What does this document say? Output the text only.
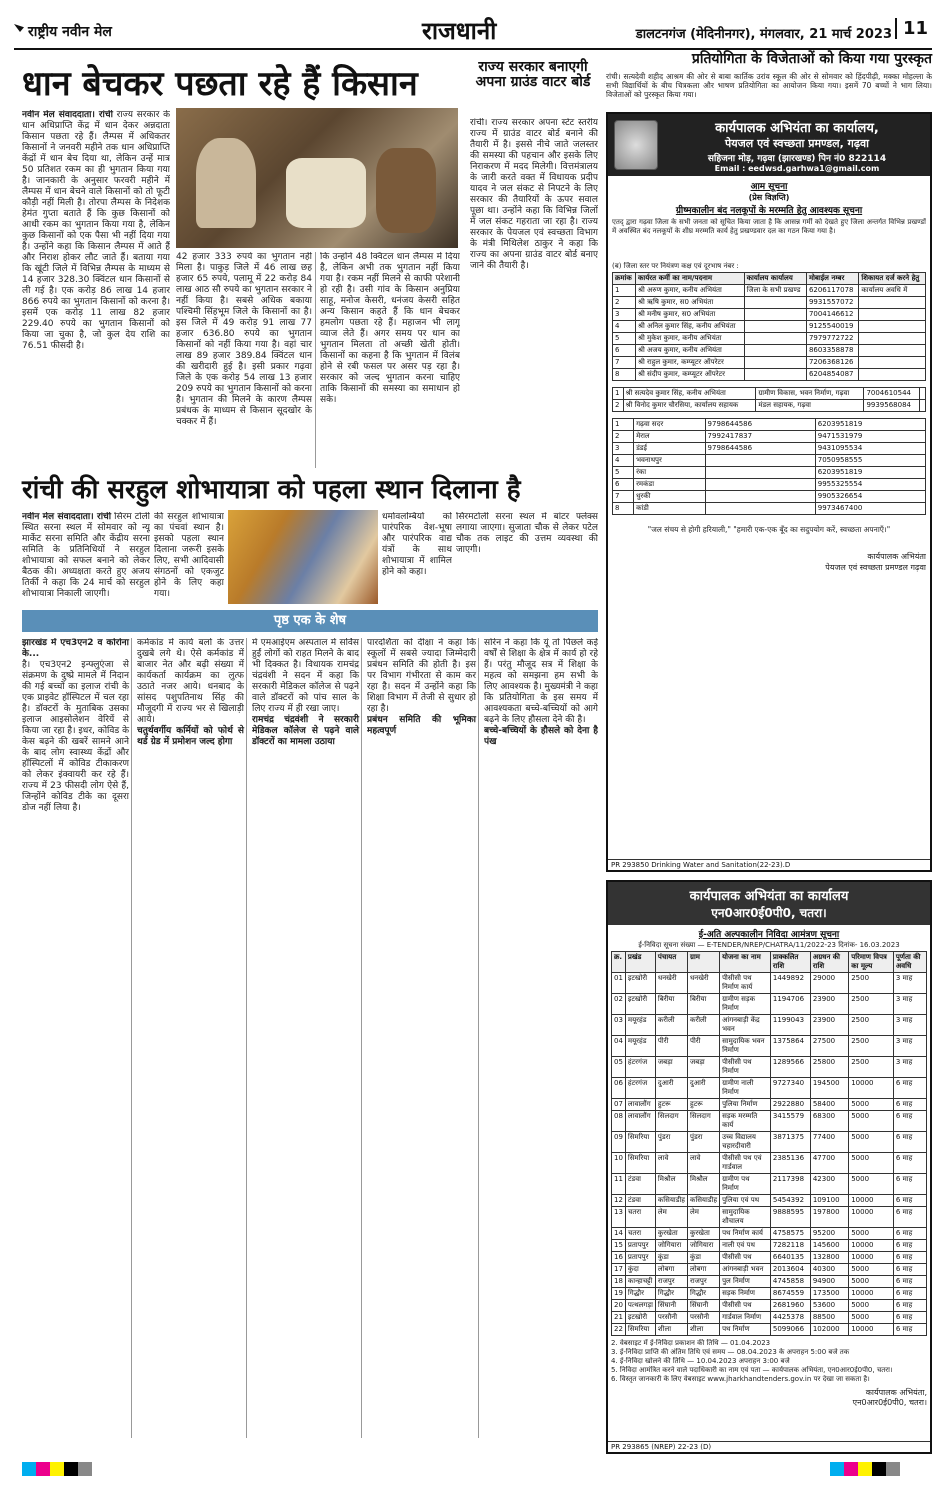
राष्ट्रीय नवीन मेल	राजधानी	डालटनगंज (मेदिनीनगर), मंगलवार, 21 मार्च 2023 11
धान बेचकर पछता रहे हैं किसान
नवीन मेल संवाददाता। रांची राज्य सरकार के धान अधिप्राप्ति केंद्र में धान देकर अन्नदाता किसान पछता रहे हैं। लैम्पस में अधिकतर किसानों ने जनवरी महीने तक धान अधिप्राप्ति केंद्रों में धान बेच दिया था, लेकिन उन्हें मात्र 50 प्रतिशत रकम का ही भुगतान किया गया है। जानकारी के अनुसार फरवरी महीने में लैम्पस में धान बेचने वाले किसानों को तो फूटी कौड़ी नहीं मिली है। तोरपा लैम्पस के निदेशक हेमंत गुप्ता बताते हैं कि कुछ किसानों को आधी रकम का भुगतान किया गया है, लेकिन कुछ किसानों को एक पैसा भी नहीं दिया गया है। उन्होंने कहा कि किसान लैम्पस में आते हैं और निराश होकर लौट जाते हैं। बताया गया कि खूंटी जिले में विभिन्न लैम्पस के माध्यम से 14 हजार 328.30 क्विंटल धान किसानों से ली गई है। एक करोड़ 86 लाख 14 हजार 866 रुपये का भुगतान किसानों को करना है। इसमें एक करोड़ 11 लाख 82 हजार 229.40 रुपये का भुगतान किसानों को किया जा चुका है, जो कुल देय राशि का 76.51 फीसदी है।
42 हजार 333 रुपये का भुगतान नहीं मिला है। पाकुड़ जिले में 46 लाख छह हजार 65 रुपये, पलामू में 22 करोड़ 84 लाख आठ सौ रुपये का भुगतान सरकार ने नहीं किया है। सबसे अधिक बकाया पश्चिमी सिंहभूम जिले के किसानों का है। इस जिले में 49 करोड़ 91 लाख 77 हजार 636.80 रुपये का भुगतान किसानों को नहीं किया गया है। वहां चार लाख 89 हजार 389.84 क्विंटल धान की खरीदारी हुई है। इसी प्रकार गढ़वा जिले के एक करोड़ 54 लाख 13 हजार 209 रुपये का भुगतान किसानों को करना है। भुगतान की मिलने के कारण लैम्पस प्रबंधक के माध्यम से किसान सूदखोर के चक्कर में हैं।
कि उन्होंने 48 क्विंटल धान लैम्पस में दिया है, लेकिन अभी तक भुगतान नहीं किया गया है। रकम नहीं मिलने से काफी परेशानी हो रही है। उसी गांव के किसान अनुप्रिया साहू, मनोज केसरी, धनंजय केसरी सहित अन्य किसान कहते हैं कि धान बेचकर हमलोग पछता रहे हैं। महाजन भी लागू व्याज लेते हैं। अगर समय पर धान का भुगतान मिलता तो अच्छी खेती होती। किसानों का कहना है कि भुगतान में विलंब होने से रबी फसल पर असर पड़ रहा है। सरकार को जल्द भुगतान करना चाहिए ताकि किसानों की समस्या का समाधान हो सके।
राज्य सरकार बनाएगी अपना ग्राउंड वाटर बोर्ड
रांची। राज्य सरकार अपना स्टेट स्तरीय राज्य में ग्राउंड वाटर बोर्ड बनाने की तैयारी में है। इससे नीचे जाते जलस्तर की समस्या की पहचान और इसके लिए निराकरण में मदद मिलेगी। वित्तमंत्रालय के जारी करते वक्त में विधायक प्रदीप यादव ने जल संकट से निपटने के लिए सरकार की तैयारियों के ऊपर सवाल पूछा था। उन्होंने कहा कि विभिन्न जिलों में जल संकट गहराता जा रहा है। राज्य सरकार के पेयजल एवं स्वच्छता विभाग के मंत्री मिथिलेश ठाकुर ने कहा कि राज्य का अपना ग्राउंड वाटर बोर्ड बनाए जाने की तैयारी है।
रांची की सरहुल शोभायात्रा को पहला स्थान दिलाना है
नवीन मेल संवाददाता। रांची सिरम टोली स्थित सरना स्थल में सोमवार को न्यू मार्केट सरना समिति और केंद्रीय सरना समिति के प्रतिनिधियों ने सरहुल शोभायात्रा को सफल बनाने को लेकर बैठक की। अध्यक्षता करते हुए अजय तिर्की ने कहा कि 24 मार्च को सरहुल शोभायात्रा निकाली जाएगी।
की सरहुल शोभायात्रा का पंचवां स्थान है। इसको पहला स्थान दिलाना जरूरी इसके लिए, सभी आदिवासी संगठनों को एकजुट होने के लिए कहा गया।
धर्मावलम्बियों को पारंपरिक वेश-भूषा और पारंपरिक वाद्य यंत्रों के साथ शोभायात्रा में शामिल होने को कहा।
सिरमटोली सरना स्थल में बांटर फ्लेक्स लगाया जाएगा। सुजाता चौक से लेकर पटेल चौक तक लाइट की उत्तम व्यवस्था की जाएगी।
पृष्ठ एक के शेष
झारखंड में एच3एन2 व कोरोना के...
है। एच3एन2 इन्फ्लुएंजा से संक्रमण के दुष्प्रे मामले में निदान की गई बच्चों का इलाज रांची के एक प्राइवेट हॉस्पिटल में चल रहा है। डॉक्टरों के मुताबिक उसका इलाज आइसोलेशन वेरियें से किया जा रहा है। इधर, कोविड के केस बढ़ने की खबरें सामने आने के बाद लोग स्वास्थ्य केंद्रों और हॉस्पिटलों में कोविड टीकाकरण को लेकर इंक्वायरी कर रहे हैं। राज्य में 23 फीसदी लोग ऐसे हैं, जिन्होंने कोविड टीके का दूसरा डोज नहीं लिया है।
कर्मकांड में कार्य बलों के उत्तर दुखबे लगे थे। ऐसे कर्मकांड में बाजार नेत और बढ़ी संख्या में कार्यकर्ता कार्यक्रम का लुत्फ उठाते नजर आये। धनबाद के सांसद पशुपतिनाथ सिंह की मौजूदगी में राज्य भर से खिलाड़ी आये।
चतुर्थवर्गीय कर्मियों को फोर्थ से थर्ड ग्रेड में प्रमोशन जल्द होगा
में एमआईएम अस्पताल में सर्विस हुईं लोगों को राहत मिलने के बाद भी दिक्कत है। विधायक रामचंद्र चंद्रवंशी ने सदन में कहा कि सरकारी मेडिकल कॉलेज से पढ़ने वाले डॉक्टरों को पांच साल के लिए राज्य में ही रखा जाए।
रामचंद्र चंद्रवंशी ने सरकारी मेडिकल कॉलेज से पढ़ने वाले डॉक्टरों का मामला उठाया
पारदर्शिता को दीक्षा ने कहा कि स्कूलों में सबसे ज्यादा जिम्मेदारी प्रबंधन समिति की होती है। इस पर विभाग गंभीरता से काम कर रहा है। सदन में उन्होंने कहा कि शिक्षा विभाग में तेजी से सुधार हो रहा है।
प्रबंधन समिति की भूमिका महत्वपूर्ण
सोरेन ने कहा कि यूं तो पिछले कई वर्षों से शिक्षा के क्षेत्र में कार्य हो रहे हैं। परंतु मौजूद सत्र में शिक्षा के महत्व को समझना हम सभी के लिए आवश्यक है। मुख्यमंत्री ने कहा कि प्रतियोगिता के इस समय में आवश्यकता बच्चे-बच्चियों को आगे बढ़ने के लिए हौसला देने की है।
बच्चे-बच्चियों के हौसले को देना है पंख
प्रतियोगिता के विजेताओं को किया गया पुरस्कृत
रांची। सत्यदेवी शहीद आश्रम की ओर से बाबा कार्तिक उरांव स्कूल की ओर से सोमवार को हिंदपीढ़ी, मक्का मोहल्ला के सभी विद्यार्थियों के बीच चित्रकला और भाषण प्रतियोगिता का आयोजन किया गया। इसमें 70 बच्चों ने भाग लिया। विजेताओं को पुरस्कृत किया गया।
कार्यपालक अभियंता का कार्यालय,
पेयजल एवं स्वच्छता प्रमण्डल, गढ़वा
सहिजना मोड़, गढ़वा (झारखण्ड) पिन नं0 822114
Email : eedwsd.garhwa1@gmail.com
आम सूचना
(प्रेस विज्ञप्ति)
ग्रीष्मकालीन बंद नलकूपों के मरम्मति हेतु आवश्यक सूचना
एतद् द्वारा गढ़वा जिला के सभी जनता को सूचित किया जाता है कि आसन्न गर्मी को देखते हुए जिला अन्तर्गत विभिन्न प्रखण्डों में अवस्थित बंद नलकूपों के शीघ्र मरम्मति कार्य हेतु प्रखण्डवार दल का गठन किया गया है।
(ब) जिला स्तर पर नियंत्रण कक्ष एवं दूरभाष नंबर :
क्रमांक	कार्यरत कर्मी का नाम/पदनाम	कार्यालय कार्यालय	मोबाईल नम्बर	शिकायत दर्ज करने हेतु
1	श्री अरुण कुमार, कनीय अभियंता	जिला के सभी प्रखण्ड	6206117078	कार्यालय अवधि में
2	श्री ऋषि कुमार, स0 अभियंता		9931557072	
3	श्री मनीष कुमार, स0 अभियंता		7004146612	
4	श्री अनिल कुमार सिंह, कनीय अभियंता		9125540019	
5	श्री मुकेश कुमार, कनीय अभियंता		7979772722	
6	श्री अजय कुमार, कनीय अभियंता		8603358878	
7	श्री राहुल कुमार, कम्प्यूटर ऑपरेटर		7206368126	
8	श्री संदीप कुमार, कम्प्यूटर ऑपरेटर		6204854087	
1	श्री सत्यदेव कुमार सिंह, कनीय अभियंता	ग्रामीण विकास, भवन निर्माण, गढ़वा	7004610544	
2	श्री विनोद कुमार चौरसिया, कार्यालय सहायक	मंडल सहायक, गढ़वा	9939568084	
1	गढ़वा सदर	9798644586	6203951819
2	मेराल	7992417837	9471531979
3	डंडई	9798644586	9431095534
4	भवनाथपुर		7050958555
5	रंका		6203951819
6	रमकंडा		9955325554
7	धुरकी		9905326654
8	कांडी		9973467400
"जल संचय से होगी हरियाली," "हमारी एक-एक बूँद का सदुपयोग करें, स्वच्छता अपनाएँ।"
कार्यपालक अभियंता
पेयजल एवं स्वच्छता प्रमण्डल गढ़वा
PR 293850 Drinking Water and Sanitation(22-23).D
कार्यपालक अभियंता का कार्यालय
एन0आर0ई0पी0, चतरा।
ई-अति अल्पकालीन निविदा आमंत्रण सूचना
ई-निविदा सूचना संख्या — E-TENDER/NREP/CHATRA/11/2022-23 दिनांक- 16.03.2023
क्र.	प्रखंड	पंचायत	ग्राम	योजना का नाम	प्राक्कलित राशि	अग्रधन की राशि	परिमाण विपत्र का मूल्य	पूर्णता की अवधि
01	इटखोरी	धनखेरी	धनखेरी	पीसीसी पथ निर्माण कार्य	1449892	29000	2500	3 माह
02	इटखोरी	बिरीया	बिरीया	ग्रामीण सड़क निर्माण	1194706	23900	2500	3 माह
03	मयूरहंड	करीली	करीली	आंगनबाड़ी केंद्र भवन	1199043	23900	2500	3 माह
04	मयूरहंड	पीरी	पीरी	सामुदायिक भवन निर्माण	1375864	27500	2500	3 माह
05	हंटरगंज	जबड़ा	जबड़ा	पीसीसी पथ निर्माण	1289566	25800	2500	3 माह
06	हंटरगंज	दुआरी	दुआरी	ग्रामीण नाली निर्माण	9727340	194500	10000	6 माह
07	लावालौंग	हुटरू	हुटरू	पुलिया निर्माण	2922880	58400	5000	6 माह
08	लावालौंग	सिलदाग	सिलदाग	सड़क मरम्मति कार्य	3415579	68300	5000	6 माह
09	सिमरिया	पुंडरा	पुंडरा	उच्च विद्यालय चहारदीवारी	3871375	77400	5000	6 माह
10	सिमरिया	लावे	लावे	पीसीसी पथ एवं गार्डवाल	2385136	47700	5000	6 माह
11	टंडवा	मिश्रौल	मिश्रौल	ग्रामीण पथ निर्माण	2117398	42300	5000	6 माह
12	टंडवा	कसियाडीह	कसियाडीह	पुलिया एवं पथ	5454392	109100	10000	6 माह
13	चतरा	लेम	लेम	सामुदायिक शौचालय	9888595	197800	10000	6 माह
14	चतरा	कुरखेता	कुरखेता	पथ निर्माण कार्य	4758575	95200	5000	6 माह
15	प्रतापपुर	जोगियारा	जोगियारा	नाली एवं पथ	7282118	145600	10000	6 माह
16	प्रतापपुर	कुंडा	कुंडा	पीसीसी पथ	6640135	132800	10000	6 माह
17	कुंदा	लोबगा	लोबगा	आंगनबाड़ी भवन	2013604	40300	5000	6 माह
18	कान्हाचट्टी	राजपुर	राजपुर	पुल निर्माण	4745858	94900	5000	6 माह
19	गिद्धौर	गिद्धौर	गिद्धौर	सड़क निर्माण	8674559	173500	10000	6 माह
20	पत्थलगड़ा	सिंघानी	सिंघानी	पीसीसी पथ	2681960	53600	5000	6 माह
21	इटखोरी	परसौनी	परसौनी	गार्डवाल निर्माण	4425378	88500	5000	6 माह
22	सिमरिया	शीला	शीला	पथ निर्माण	5099066	102000	10000	6 माह
2. वेबसाइट में ई-निविदा प्रकाशन की तिथि — 01.04.2023
3. ई-निविदा प्राप्ति की अंतिम तिथि एवं समय — 08.04.2023 के अपराहन 5:00 बजे तक
4. ई-निविदा खोलने की तिथि — 10.04.2023 अपराहन 3:00 बजे
5. निविदा आमंत्रित करने वाले पदाधिकारी का नाम एवं पता — कार्यपालक अभियंता, एन0आर0ई0पी0, चतरा।
6. विस्तृत जानकारी के लिए वेबसाइट www.jharkhandtenders.gov.in पर देखा जा सकता है।
कार्यपालक अभियंता,
एन0आर0ई0पी0, चतरा।
PR 293865 (NREP) 22-23 (D)
